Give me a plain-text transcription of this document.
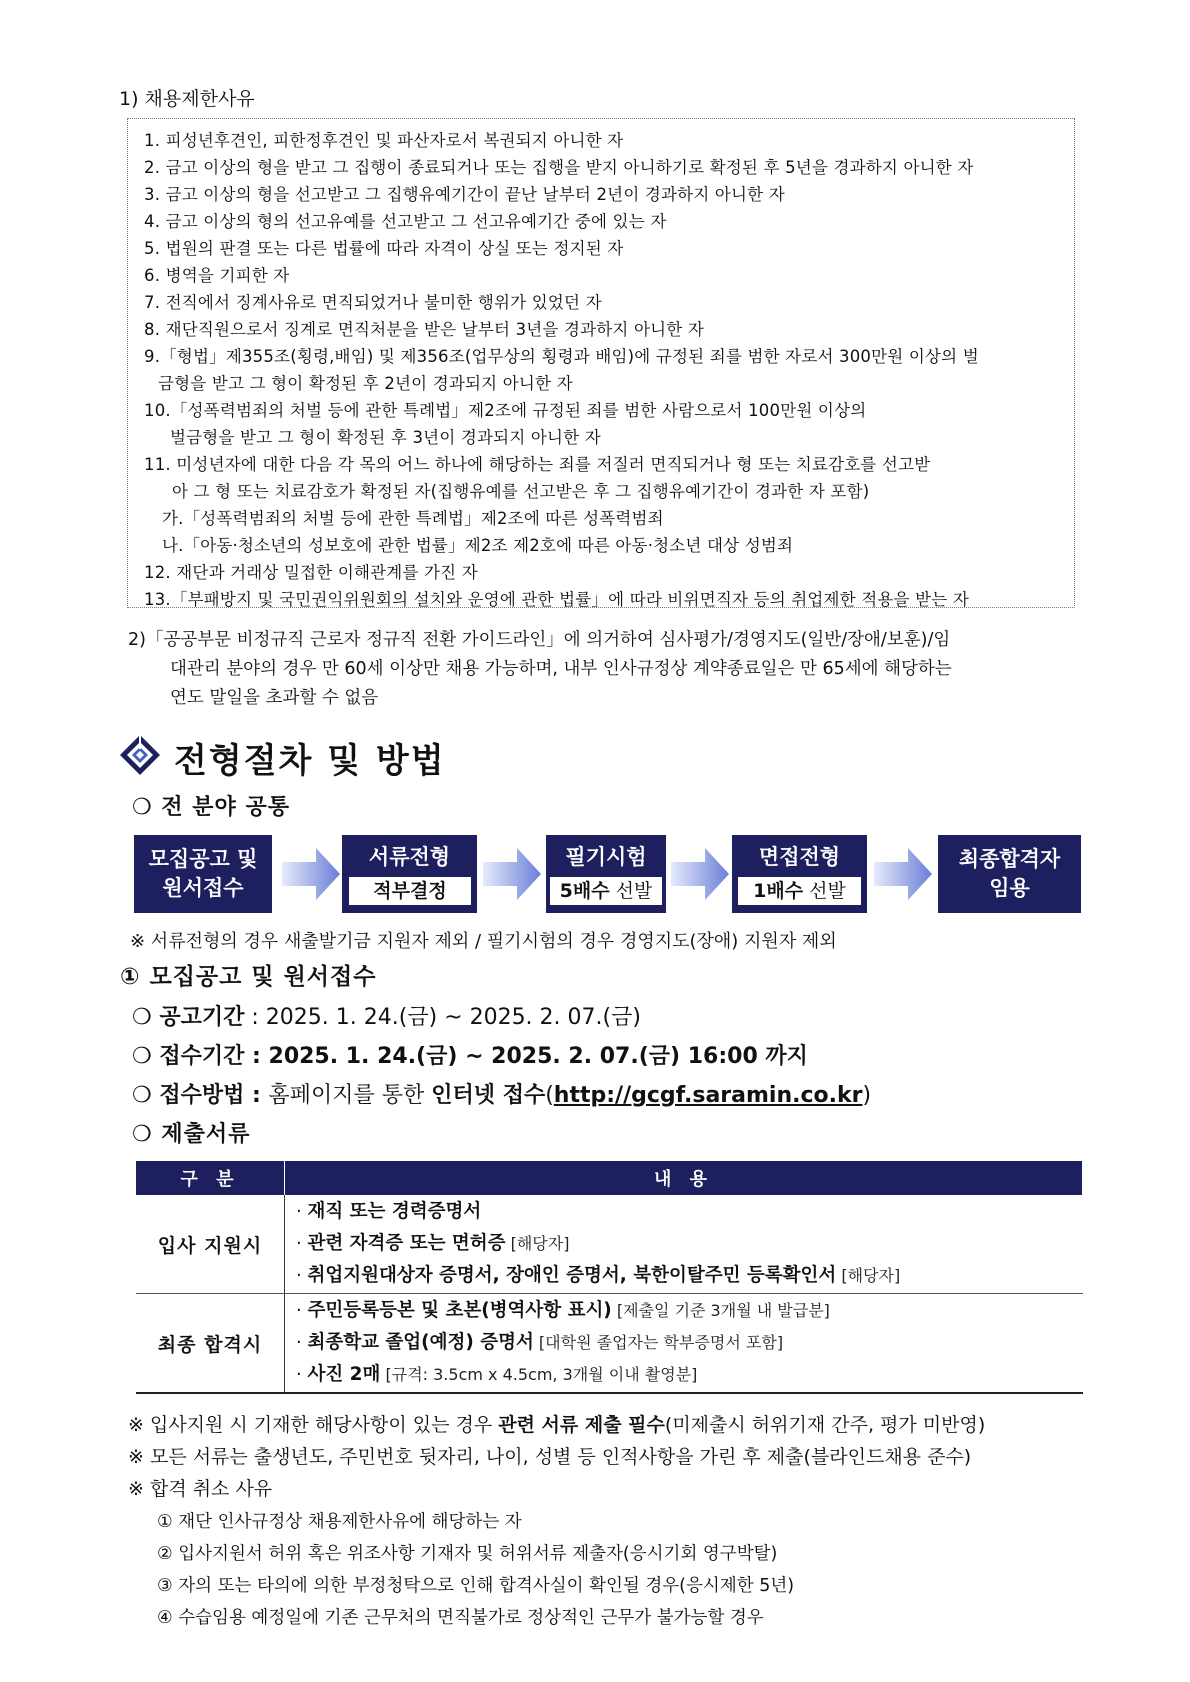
1) 채용제한사유
1. 피성년후견인, 피한정후견인 및 파산자로서 복권되지 아니한 자
2. 금고 이상의 형을 받고 그 집행이 종료되거나 또는 집행을 받지 아니하기로 확정된 후 5년을 경과하지 아니한 자
3. 금고 이상의 형을 선고받고 그 집행유예기간이 끝난 날부터 2년이 경과하지 아니한 자
4. 금고 이상의 형의 선고유예를 선고받고 그 선고유예기간 중에 있는 자
5. 법원의 판결 또는 다른 법률에 따라 자격이 상실 또는 정지된 자
6. 병역을 기피한 자
7. 전직에서 징계사유로 면직되었거나 불미한 행위가 있었던 자
8. 재단직원으로서 징계로 면직처분을 받은 날부터 3년을 경과하지 아니한 자
9.「형법」제355조(횡령,배임) 및 제356조(업무상의 횡령과 배임)에 규정된 죄를 범한 자로서 300만원 이상의 벌
금형을 받고 그 형이 확정된 후 2년이 경과되지 아니한 자
10.「성폭력범죄의 처벌 등에 관한 특례법」제2조에 규정된 죄를 범한 사람으로서 100만원 이상의
벌금형을 받고 그 형이 확정된 후 3년이 경과되지 아니한 자
11. 미성년자에 대한 다음 각 목의 어느 하나에 해당하는 죄를 저질러 면직되거나 형 또는 치료감호를 선고받
아 그 형 또는 치료감호가 확정된 자(집행유예를 선고받은 후 그 집행유예기간이 경과한 자 포함)
가.「성폭력범죄의 처벌 등에 관한 특례법」제2조에 따른 성폭력범죄
나.「아동·청소년의 성보호에 관한 법률」제2조 제2호에 따른 아동·청소년 대상 성범죄
12. 재단과 거래상 밀접한 이해관계를 가진 자
13.「부패방지 및 국민권익위원회의 설치와 운영에 관한 법률」에 따라 비위면직자 등의 취업제한 적용을 받는 자
2)「공공부문 비정규직 근로자 정규직 전환 가이드라인」에 의거하여 심사평가/경영지도(일반/장애/보훈)/임
대관리 분야의 경우 만 60세 이상만 채용 가능하며, 내부 인사규정상 계약종료일은 만 65세에 해당하는
연도 말일을 초과할 수 없음
전형절차 및 방법
❍ 전 분야 공통
모집공고 및
원서접수
서류전형
적부결정
필기시험
5배수 선발
면접전형
1배수 선발
최종합격자
임용
※ 서류전형의 경우 새출발기금 지원자 제외 / 필기시험의 경우 경영지도(장애) 지원자 제외
① 모집공고 및 원서접수
❍ 공고기간 : 2025. 1. 24.(금) ~ 2025. 2. 07.(금)
❍ 접수기간 : 2025. 1. 24.(금) ~ 2025. 2. 07.(금) 16:00 까지
❍ 접수방법 : 홈페이지를 통한 인터넷 접수(http://gcgf.saramin.co.kr)
❍ 제출서류
구 분	내 용
입사 지원시	· 재직 또는 경력증명서
· 관련 자격증 또는 면허증 [해당자]
· 취업지원대상자 증명서, 장애인 증명서, 북한이탈주민 등록확인서 [해당자]

최종 합격시	· 주민등록등본 및 초본(병역사항 표시) [제출일 기준 3개월 내 발급분]
· 최종학교 졸업(예정) 증명서 [대학원 졸업자는 학부증명서 포함]
· 사진 2매 [규격: 3.5cm x 4.5cm, 3개월 이내 촬영분]
※ 입사지원 시 기재한 해당사항이 있는 경우 관련 서류 제출 필수(미제출시 허위기재 간주, 평가 미반영)
※ 모든 서류는 출생년도, 주민번호 뒷자리, 나이, 성별 등 인적사항을 가린 후 제출(블라인드채용 준수)
※ 합격 취소 사유
① 재단 인사규정상 채용제한사유에 해당하는 자
② 입사지원서 허위 혹은 위조사항 기재자 및 허위서류 제출자(응시기회 영구박탈)
③ 자의 또는 타의에 의한 부정청탁으로 인해 합격사실이 확인될 경우(응시제한 5년)
④ 수습임용 예정일에 기존 근무처의 면직불가로 정상적인 근무가 불가능할 경우
